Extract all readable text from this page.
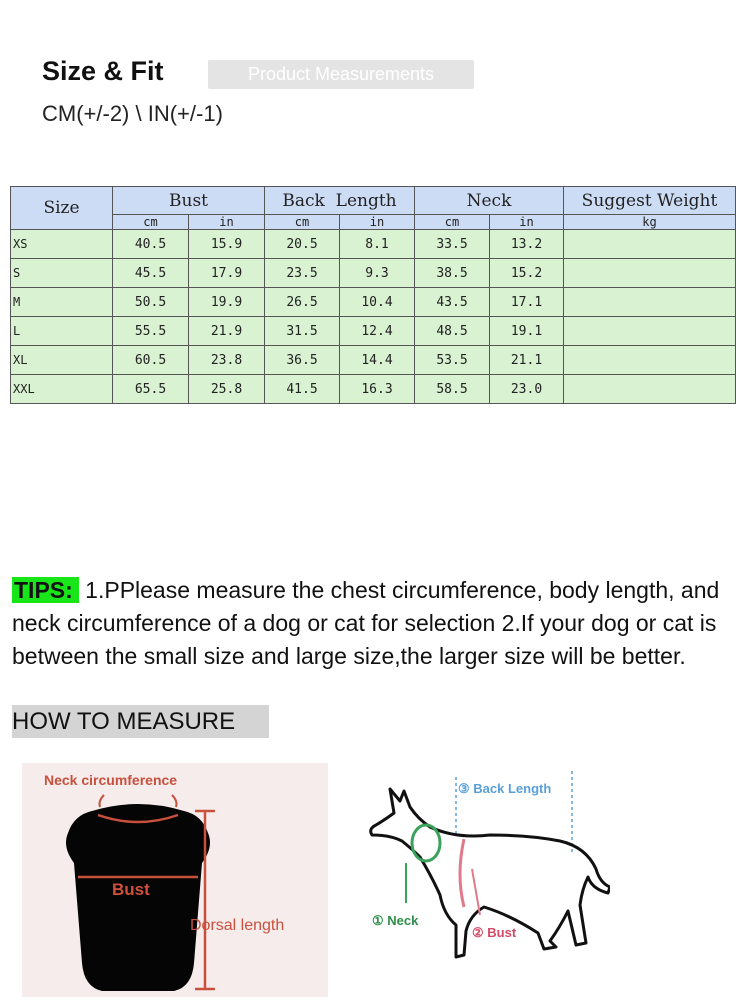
Size & Fit	Product Measurements
CM(+/-2) \ IN(+/-1)
Size	Bust		Back  Length		Neck		Suggest Weight
	cm	in	cm	in	cm	in	kg
XS	40.5	15.9	20.5	8.1	33.5	13.2	
S	45.5	17.9	23.5	9.3	38.5	15.2	
M	50.5	19.9	26.5	10.4	43.5	17.1	
L	55.5	21.9	31.5	12.4	48.5	19.1	
XL	60.5	23.8	36.5	14.4	53.5	21.1	
XXL	65.5	25.8	41.5	16.3	58.5	23.0	
TIPS: 1.PPlease measure the chest circumference, body length, and neck circumference of a dog or cat for selection 2.If your dog or cat is between the small size and large size,the larger size will be better.
HOW TO MEASURE
Neck circumference
Bust
Dorsal length
③ Back Length
① Neck
② Bust
